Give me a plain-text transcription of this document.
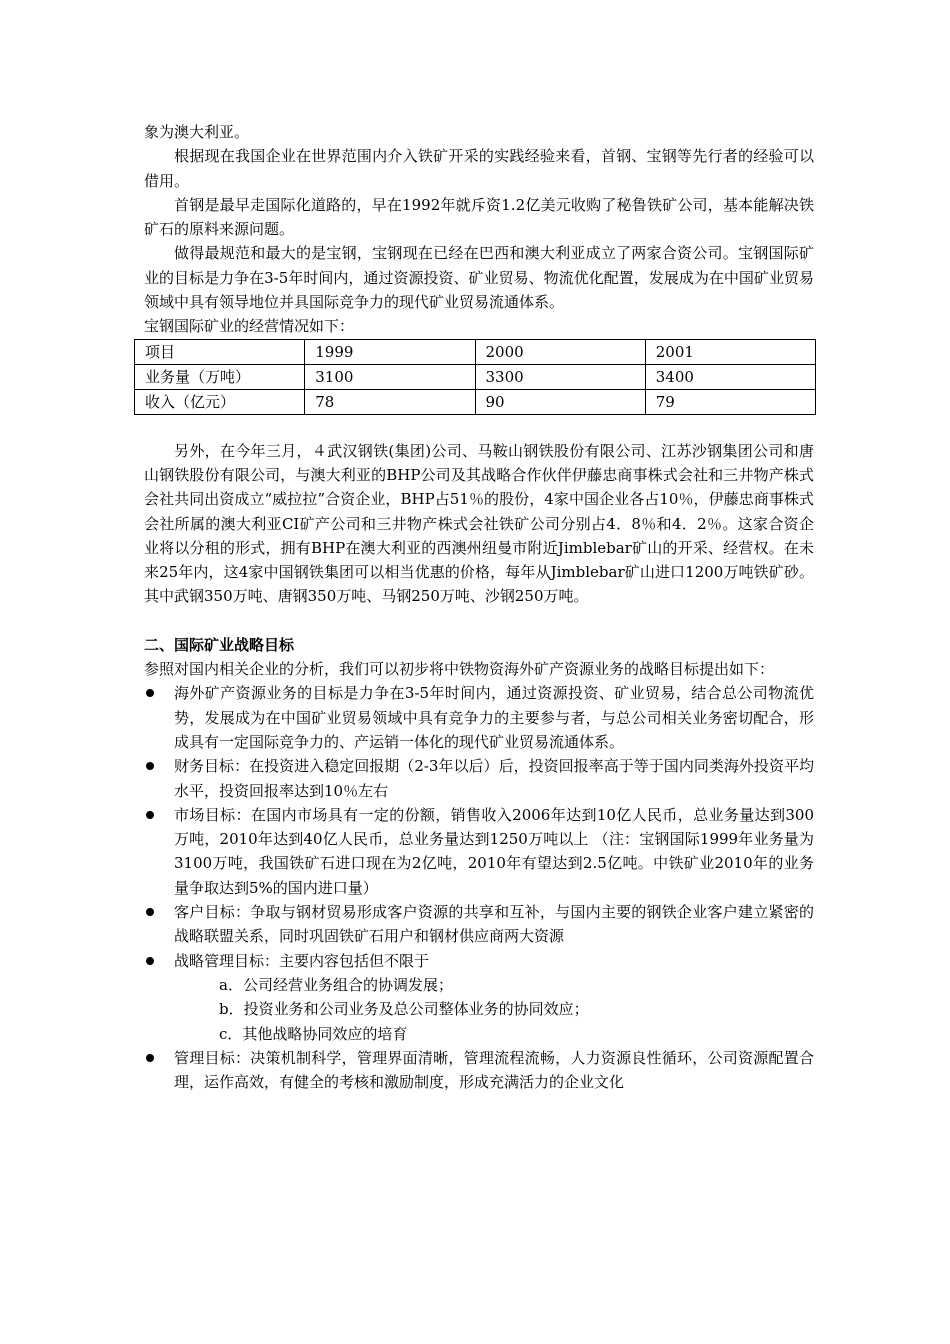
象为澳大利亚。

根据现在我国企业在世界范围内介入铁矿开采的实践经验来看，首钢、宝钢等先行者的经验可以借用。

首钢是最早走国际化道路的，早在1992年就斥资1.2亿美元收购了秘鲁铁矿公司，基本能解决铁矿石的原料来源问题。

做得最规范和最大的是宝钢，宝钢现在已经在巴西和澳大利亚成立了两家合资公司。宝钢国际矿业的目标是力争在3-5年时间内，通过资源投资、矿业贸易、物流优化配置，发展成为在中国矿业贸易领域中具有领导地位并具国际竞争力的现代矿业贸易流通体系。

宝钢国际矿业的经营情况如下：

项目	1999	2000	2001
业务量（万吨）	3100	3300	3400
收入（亿元）	78	90	79

另外，在今年三月，４武汉钢铁(集团)公司、马鞍山钢铁股份有限公司、江苏沙钢集团公司和唐山钢铁股份有限公司，与澳大利亚的BHP公司及其战略合作伙伴伊藤忠商事株式会社和三井物产株式会社共同出资成立“威拉拉”合资企业，BHP占51％的股份，4家中国企业各占10％，伊藤忠商事株式会社所属的澳大利亚CI矿产公司和三井物产株式会社铁矿公司分别占4．8％和4．2％。这家合资企业将以分租的形式，拥有BHP在澳大利亚的西澳州纽曼市附近Jimblebar矿山的开采、经营权。在未来25年内，这4家中国钢铁集团可以相当优惠的价格，每年从Jimblebar矿山进口1200万吨铁矿砂。其中武钢350万吨、唐钢350万吨、马钢250万吨、沙钢250万吨。

二、国际矿业战略目标

参照对国内相关企业的分析，我们可以初步将中铁物资海外矿产资源业务的战略目标提出如下：

海外矿产资源业务的目标是力争在3-5年时间内，通过资源投资、矿业贸易，结合总公司物流优势，发展成为在中国矿业贸易领域中具有竞争力的主要参与者，与总公司相关业务密切配合，形成具有一定国际竞争力的、产运销一体化的现代矿业贸易流通体系。
财务目标：在投资进入稳定回报期（2-3年以后）后，投资回报率高于等于国内同类海外投资平均水平，投资回报率达到10％左右
市场目标：在国内市场具有一定的份额，销售收入2006年达到10亿人民币，总业务量达到300万吨，2010年达到40亿人民币，总业务量达到1250万吨以上 （注：宝钢国际1999年业务量为3100万吨，我国铁矿石进口现在为2亿吨，2010年有望达到2.5亿吨。中铁矿业2010年的业务量争取达到5%的国内进口量）
客户目标：争取与钢材贸易形成客户资源的共享和互补，与国内主要的钢铁企业客户建立紧密的战略联盟关系，同时巩固铁矿石用户和钢材供应商两大资源
战略管理目标：主要内容包括但不限于
a．公司经营业务组合的协调发展；
b．投资业务和公司业务及总公司整体业务的协同效应；
c．其他战略协同效应的培育
管理目标：决策机制科学，管理界面清晰，管理流程流畅，人力资源良性循环，公司资源配置合理，运作高效，有健全的考核和激励制度，形成充满活力的企业文化
